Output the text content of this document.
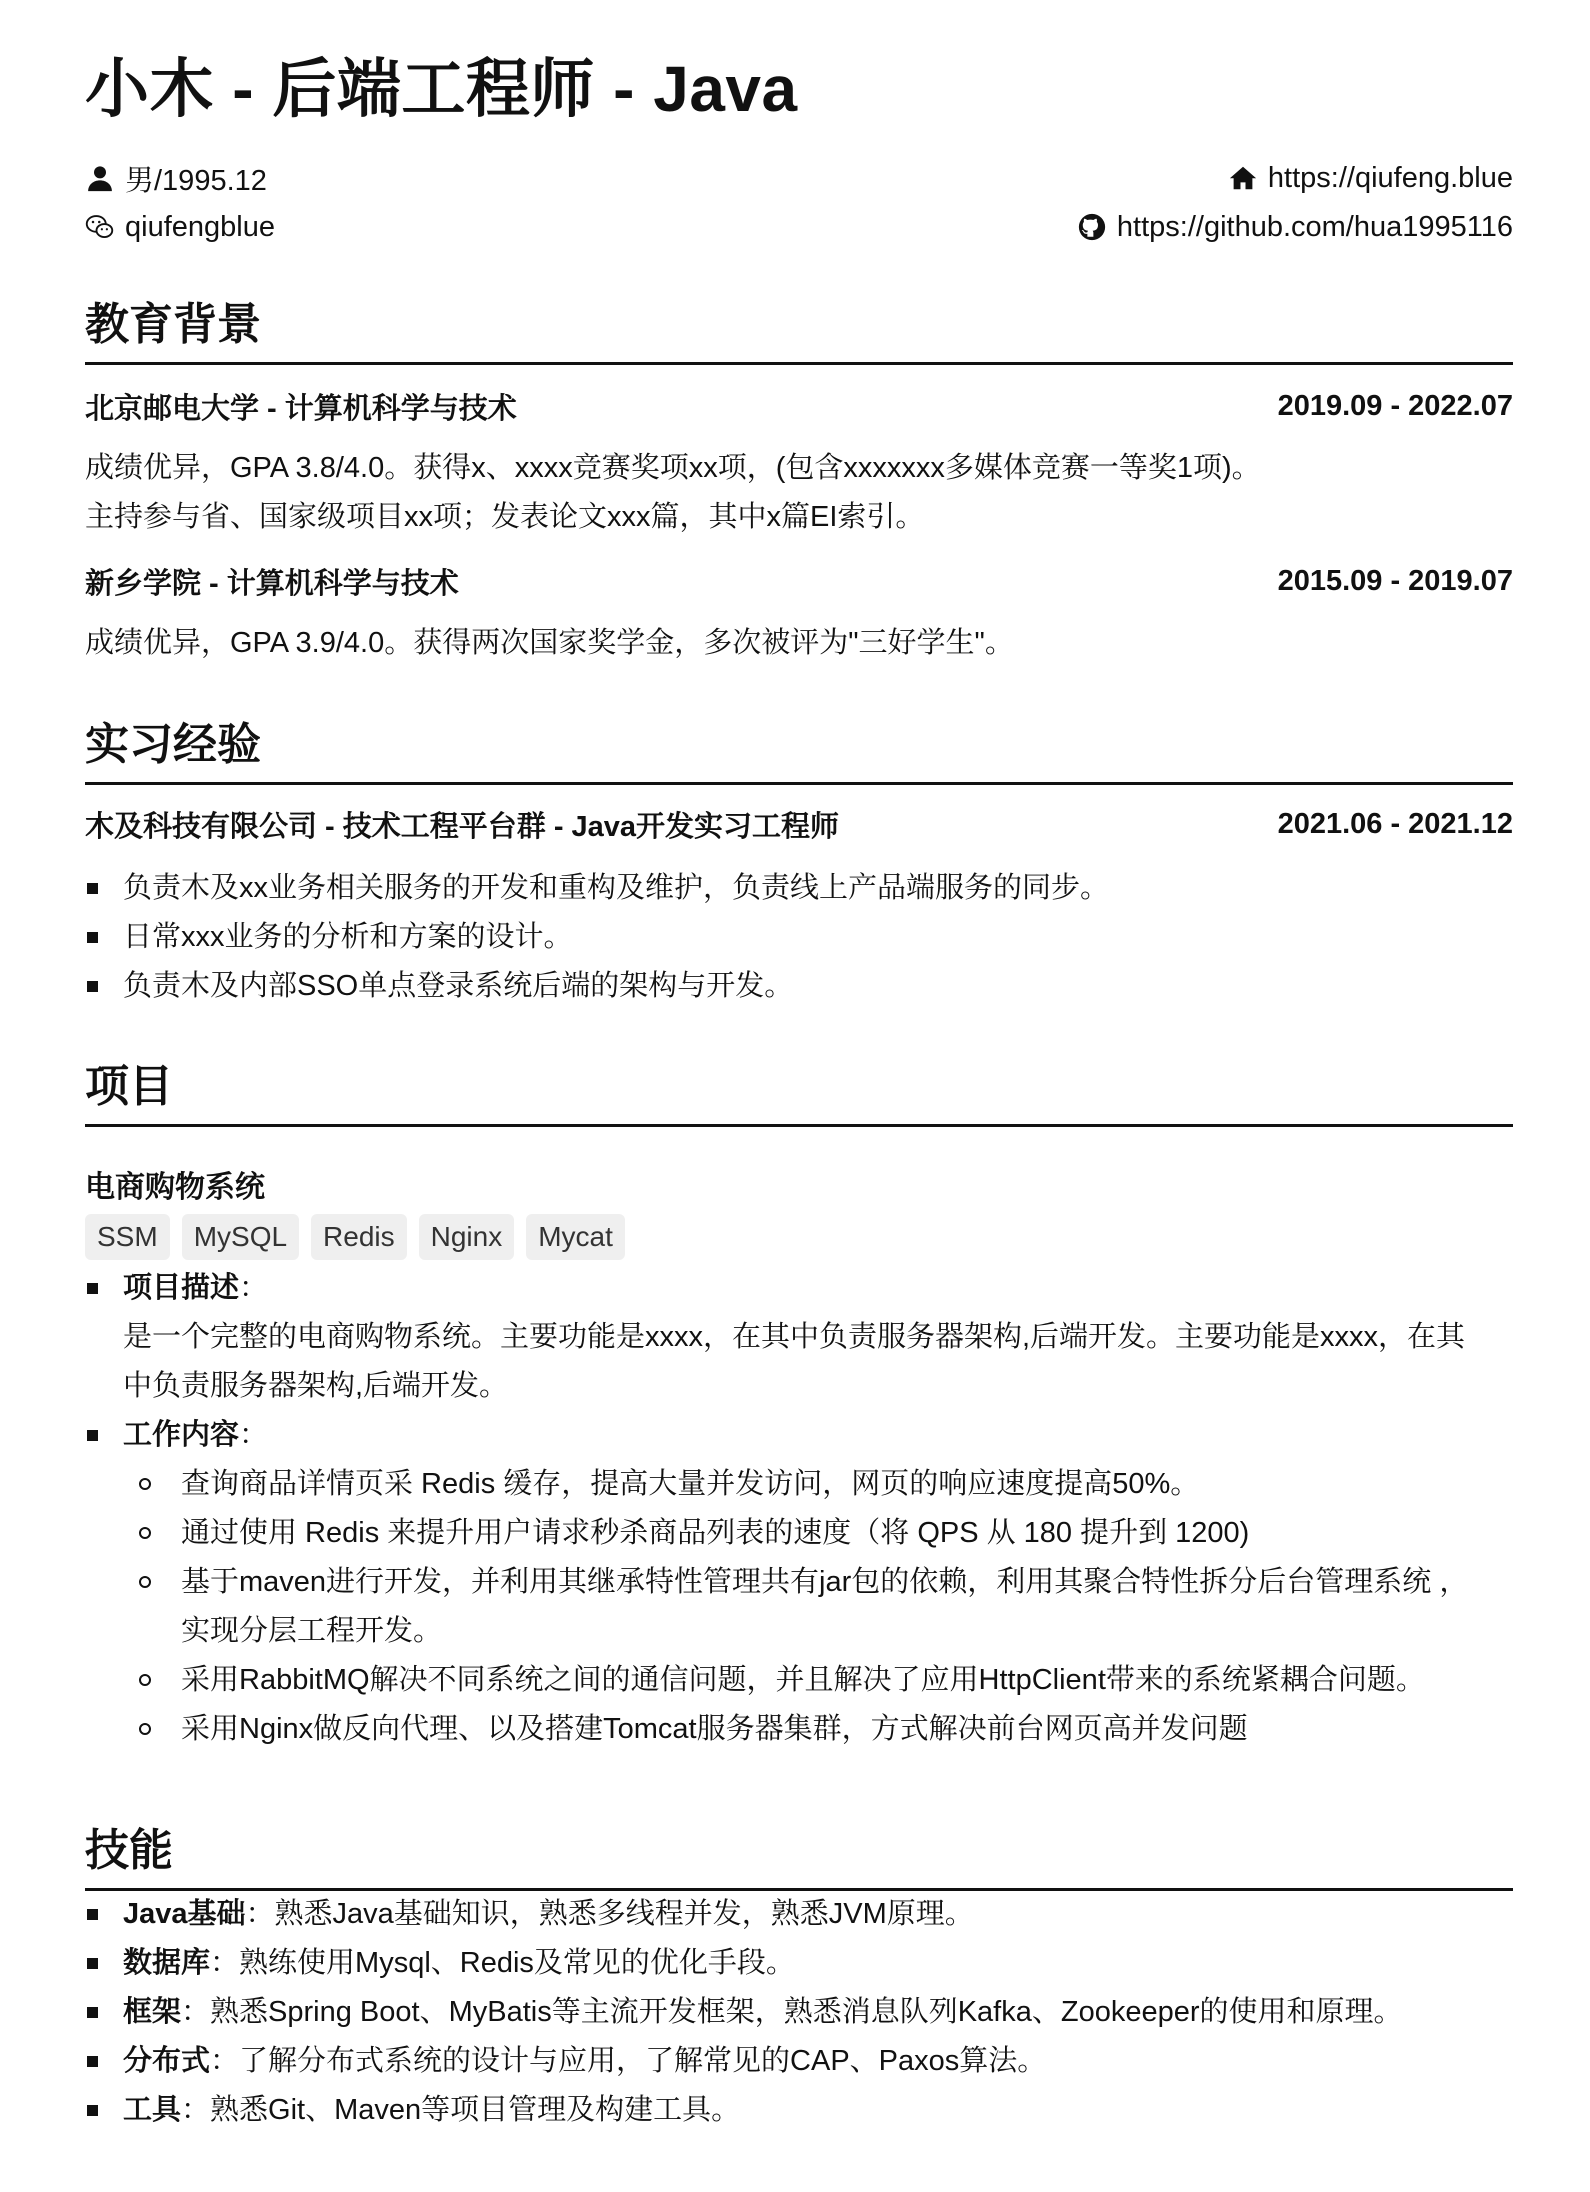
小木 - 后端工程师 - Java
男/1995.12
qiufengblue
https://qiufeng.blue
https://github.com/hua1995116
教育背景
北京邮电大学 - 计算机科学与技术	2019.09 - 2022.07
成绩优异，GPA 3.8/4.0。获得x、xxxx竞赛奖项xx项，(包含xxxxxxx多媒体竞赛一等奖1项)。
主持参与省、国家级项目xx项；发表论文xxx篇，其中x篇EI索引。
新乡学院 - 计算机科学与技术	2015.09 - 2019.07
成绩优异，GPA 3.9/4.0。获得两次国家奖学金，多次被评为"三好学生"。
实习经验
木及科技有限公司 - 技术工程平台群 - Java开发实习工程师	2021.06 - 2021.12
负责木及xx业务相关服务的开发和重构及维护，负责线上产品端服务的同步。
日常xxx业务的分析和方案的设计。
负责木及内部SSO单点登录系统后端的架构与开发。
项目
电商购物系统
SSM	MySQL	Redis	Nginx	Mycat
项目描述：
是一个完整的电商购物系统。主要功能是xxxx，在其中负责服务器架构,后端开发。主要功能是xxxx，在其中负责服务器架构,后端开发。
工作内容：
查询商品详情页采 Redis 缓存，提高大量并发访问，网页的响应速度提高50%。
通过使用 Redis 来提升用户请求秒杀商品列表的速度（将 QPS 从 180 提升到 1200)
基于maven进行开发，并利用其继承特性管理共有jar包的依赖，利用其聚合特性拆分后台管理系统 ，实现分层工程开发。
采用RabbitMQ解决不同系统之间的通信问题，并且解决了应用HttpClient带来的系统紧耦合问题。
采用Nginx做反向代理、以及搭建Tomcat服务器集群，方式解决前台网页高并发问题
技能
Java基础：熟悉Java基础知识，熟悉多线程并发，熟悉JVM原理。
数据库：熟练使用Mysql、Redis及常见的优化手段。
框架：熟悉Spring Boot、MyBatis等主流开发框架，熟悉消息队列Kafka、Zookeeper的使用和原理。
分布式：了解分布式系统的设计与应用，了解常见的CAP、Paxos算法。
工具：熟悉Git、Maven等项目管理及构建工具。
